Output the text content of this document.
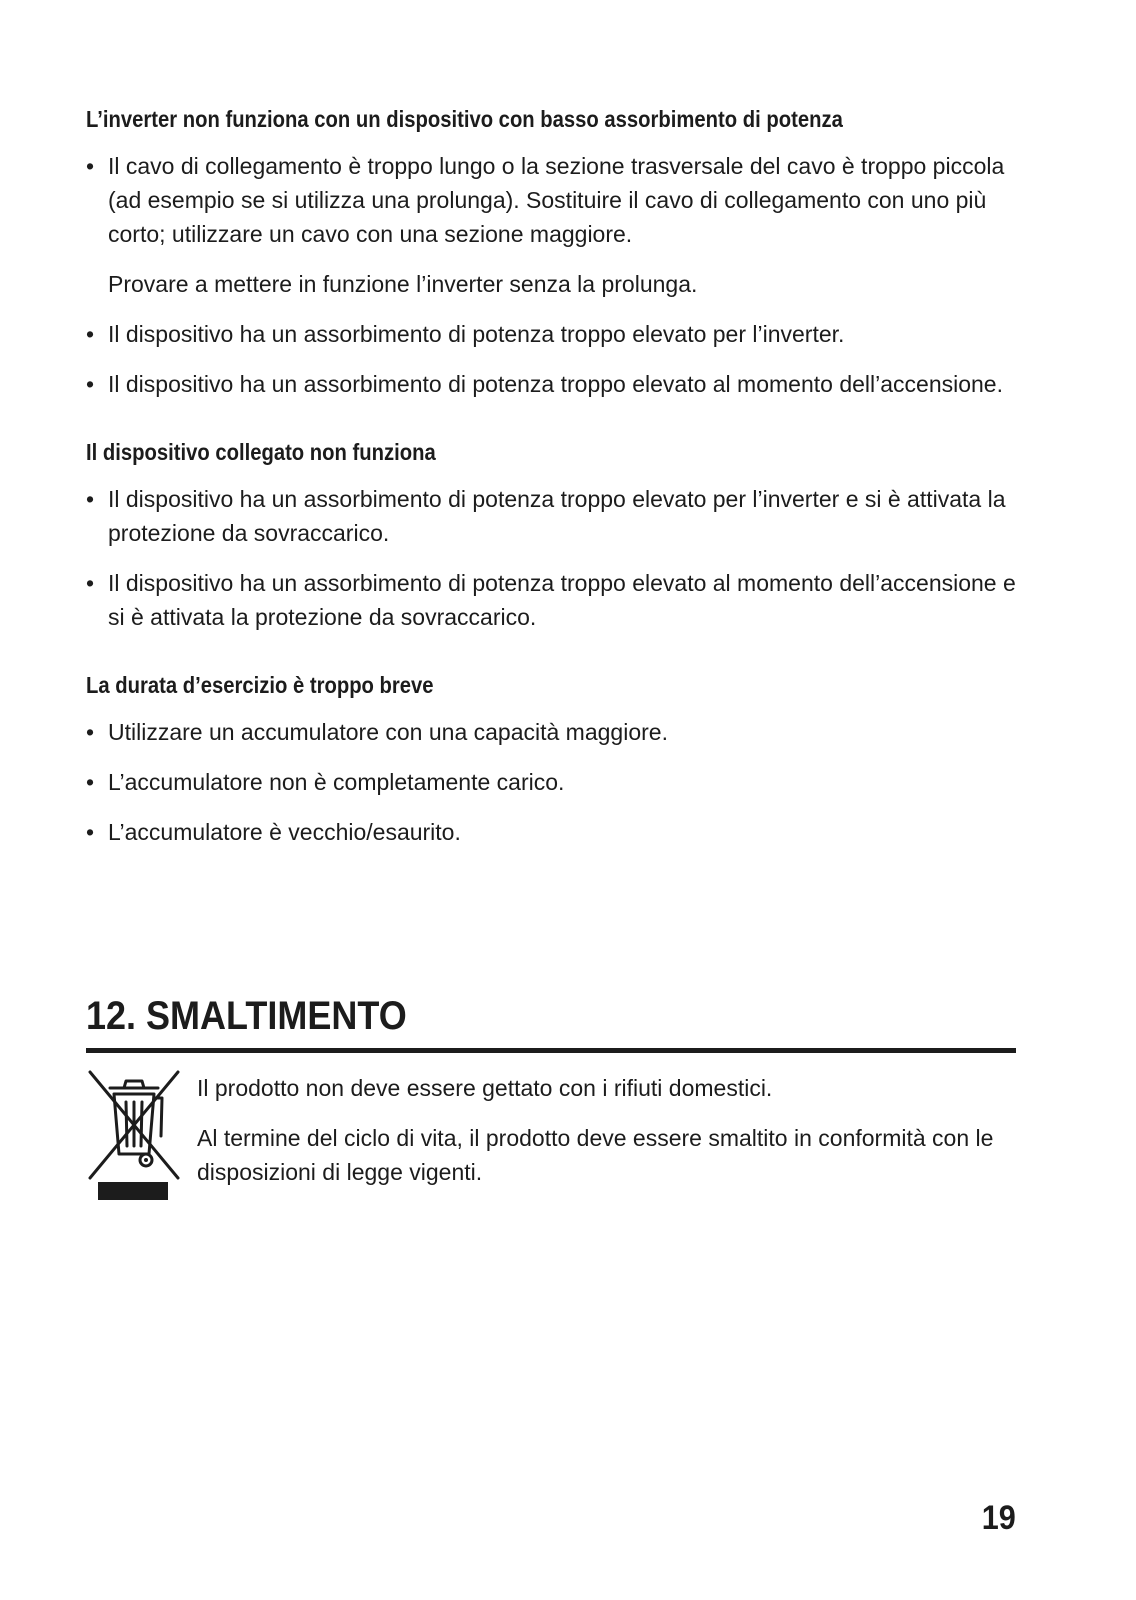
L’inverter non funziona con un dispositivo con basso assorbimento di potenza
• Il cavo di collegamento è troppo lungo o la sezione trasversale del cavo è troppo piccola (ad esempio se si utilizza una prolunga). Sostituire il cavo di collegamento con uno più corto; utilizzare un cavo con una sezione maggiore.

Provare a mettere in funzione l’inverter senza la prolunga.

• Il dispositivo ha un assorbimento di potenza troppo elevato per l’inverter.
• Il dispositivo ha un assorbimento di potenza troppo elevato al momento dell’accensione.
Il dispositivo collegato non funziona
• Il dispositivo ha un assorbimento di potenza troppo elevato per l’inverter e si è attivata la protezione da sovraccarico.
• Il dispositivo ha un assorbimento di potenza troppo elevato al momento dell’accensione e si è attivata la protezione da sovraccarico.
La durata d’esercizio è troppo breve
• Utilizzare un accumulatore con una capacità maggiore.
• L’accumulatore non è completamente carico.
• L’accumulatore è vecchio/esaurito.
12. SMALTIMENTO

Il prodotto non deve essere gettato con i rifiuti domestici.

Al termine del ciclo di vita, il prodotto deve essere smaltito in conformità con le disposizioni di legge vigenti.

19
